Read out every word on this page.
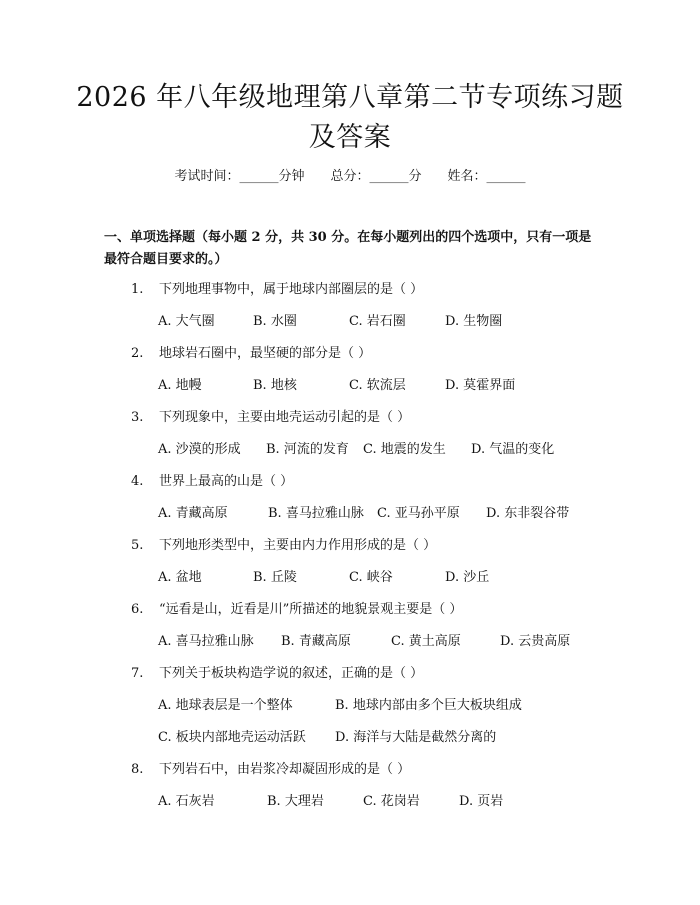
2026 年八年级地理第八章第二节专项练习题
及答案
考试时间：______分钟 总分：______分 姓名：______
一、单项选择题（每小题 2 分，共 30 分。在每小题列出的四个选项中，只有一项是最符合题目要求的。）
1. 下列地理事物中，属于地球内部圈层的是（ ）
A. 大气圈	B. 水圈	C. 岩石圈	D. 生物圈
2. 地球岩石圈中，最坚硬的部分是（ ）
A. 地幔	B. 地核	C. 软流层	D. 莫霍界面
3. 下列现象中，主要由地壳运动引起的是（ ）
A. 沙漠的形成 B. 河流的发育 C. 地震的发生 D. 气温的变化
4. 世界上最高的山是（ ）
A. 青藏高原	B. 喜马拉雅山脉 C. 亚马孙平原 D. 东非裂谷带
5. 下列地形类型中，主要由内力作用形成的是（ ）
A. 盆地	B. 丘陵	C. 峡谷	D. 沙丘
6. “远看是山，近看是川”所描述的地貌景观主要是（ ）
A. 喜马拉雅山脉 B. 青藏高原	C. 黄土高原	D. 云贵高原
7. 下列关于板块构造学说的叙述，正确的是（ ）
A. 地球表层是一个整体	B. 地球内部由多个巨大板块组成
C. 板块内部地壳运动活跃 D. 海洋与大陆是截然分离的
8. 下列岩石中，由岩浆冷却凝固形成的是（ ）
A. 石灰岩	B. 大理岩	C. 花岗岩	D. 页岩
